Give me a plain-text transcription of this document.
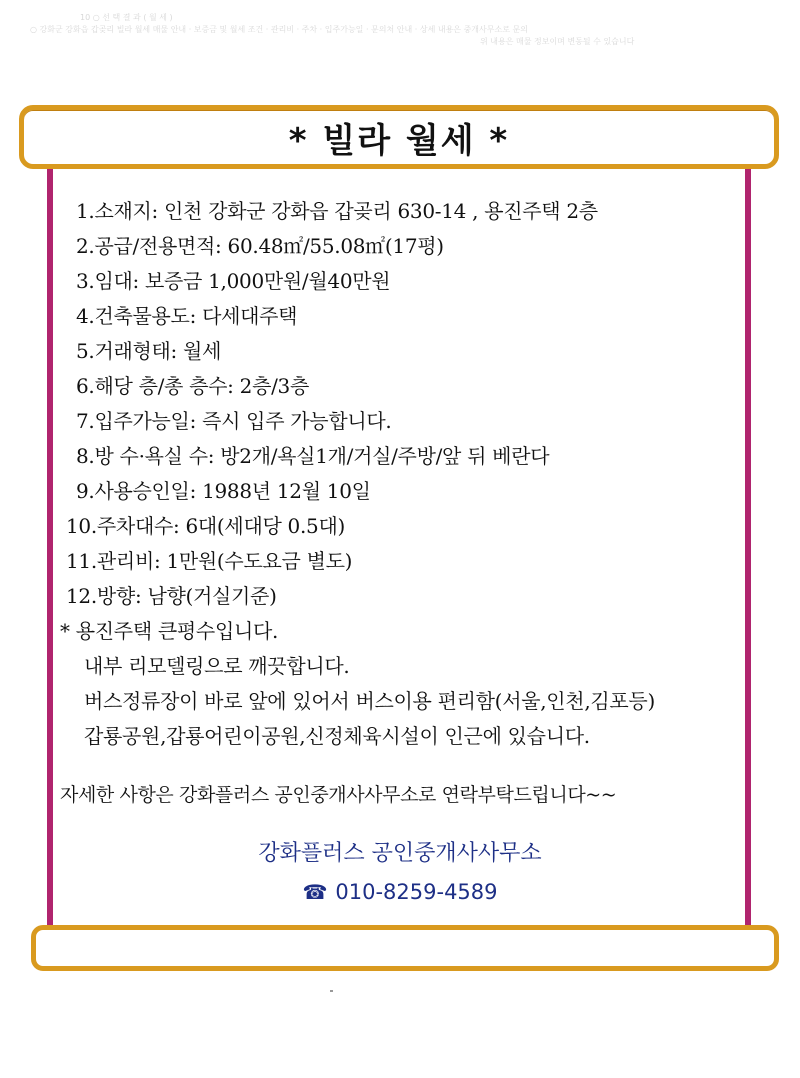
10 ○ 선 택 결 과 ( 월 세 )
○ 강화군 강화읍 갑곶리 빌라 월세 매물 안내 · 보증금 및 월세 조건 · 관리비 · 주차 · 입주가능일 · 문의처 안내 · 상세 내용은 중개사무소로 문의
위 내용은 매물 정보이며 변동될 수 있습니다
* 빌라 월세 *
1.소재지: 인천 강화군 강화읍 갑곶리 630-14 , 용진주택 2층
2.공급/전용면적: 60.48㎡/55.08㎡(17평)
3.임대: 보증금 1,000만원/월40만원
4.건축물용도: 다세대주택
5.거래형태: 월세
6.해당 층/총 층수: 2층/3층
7.입주가능일: 즉시 입주 가능합니다.
8.방 수·욕실 수: 방2개/욕실1개/거실/주방/앞 뒤 베란다
9.사용승인일: 1988년 12월 10일
10.주차대수: 6대(세대당 0.5대)
11.관리비: 1만원(수도요금 별도)
12.방향: 남향(거실기준)
* 용진주택 큰평수입니다.
내부 리모델링으로 깨끗합니다.
버스정류장이 바로 앞에 있어서 버스이용 편리함(서울,인천,김포등)
갑룡공원,갑룡어린이공원,신정체육시설이 인근에 있습니다.
자세한 사항은 강화플러스 공인중개사사무소로 연락부탁드립니다~~
강화플러스 공인중개사사무소
☎ 010-8259-4589
